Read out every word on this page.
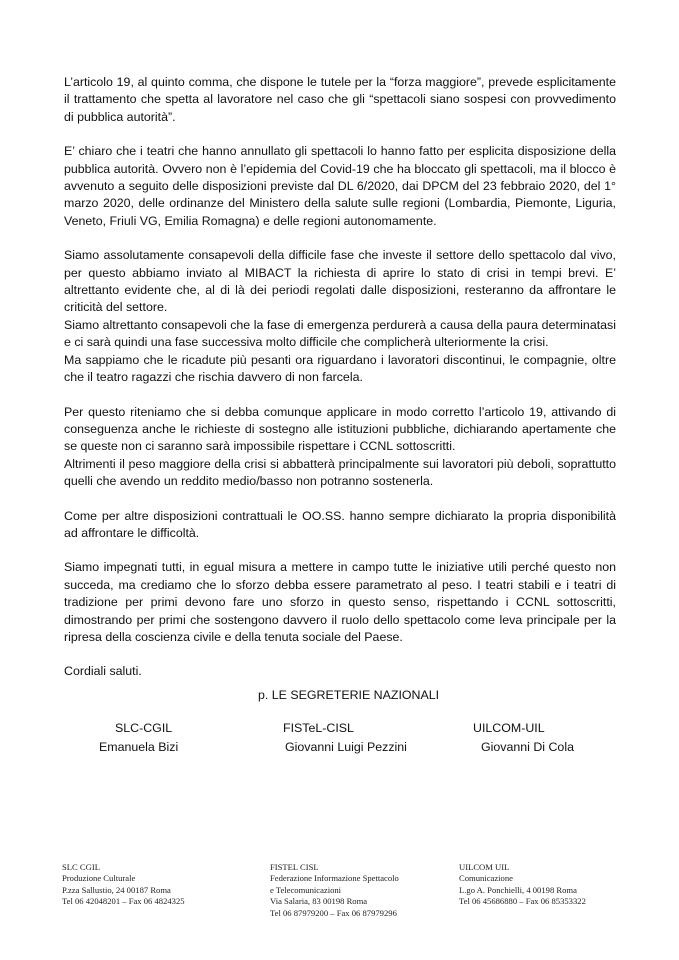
L’articolo 19, al quinto comma, che dispone le tutele per la “forza maggiore”, prevede esplicitamente il trattamento che spetta al lavoratore nel caso che gli “spettacoli siano sospesi con provvedimento di pubblica autorità”.

E’ chiaro che i teatri che hanno annullato gli spettacoli lo hanno fatto per esplicita disposizione della pubblica autorità. Ovvero non è l’epidemia del Covid-19 che ha bloccato gli spettacoli, ma il blocco è avvenuto a seguito delle disposizioni previste dal DL 6/2020, dai DPCM del 23 febbraio 2020, del 1° marzo 2020, delle ordinanze del Ministero della salute sulle regioni (Lombardia, Piemonte, Liguria, Veneto, Friuli VG, Emilia Romagna) e delle regioni autonomamente.

Siamo assolutamente consapevoli della difficile fase che investe il settore dello spettacolo dal vivo, per questo abbiamo inviato al MIBACT la richiesta di aprire lo stato di crisi in tempi brevi. E’ altrettanto evidente che, al di là dei periodi regolati dalle disposizioni, resteranno da affrontare le criticità del settore.

Siamo altrettanto consapevoli che la fase di emergenza perdurerà a causa della paura determinatasi e ci sarà quindi una fase successiva molto difficile che complicherà ulteriormente la crisi.

Ma sappiamo che le ricadute più pesanti ora riguardano i lavoratori discontinui, le compagnie, oltre che il teatro ragazzi che rischia davvero di non farcela.

Per questo riteniamo che si debba comunque applicare in modo corretto l’articolo 19, attivando di conseguenza anche le richieste di sostegno alle istituzioni pubbliche, dichiarando apertamente che se queste non ci saranno sarà impossibile rispettare i CCNL sottoscritti.

Altrimenti il peso maggiore della crisi si abbatterà principalmente sui lavoratori più deboli, soprattutto quelli che avendo un reddito medio/basso non potranno sostenerla.

Come per altre disposizioni contrattuali le OO.SS. hanno sempre dichiarato la propria disponibilità ad affrontare le difficoltà.

Siamo impegnati tutti, in egual misura a mettere in campo tutte le iniziative utili perché questo non succeda, ma crediamo che lo sforzo debba essere parametrato al peso. I teatri stabili e i teatri di tradizione per primi devono fare uno sforzo in questo senso, rispettando i CCNL sottoscritti, dimostrando per primi che sostengono davvero il ruolo dello spettacolo come leva principale per la ripresa della coscienza civile e della tenuta sociale del Paese.

Cordiali saluti.

p. LE SEGRETERIE NAZIONALI
SLC-CGIL
Emanuela Bizi
FISTeL-CISL
Giovanni Luigi Pezzini
UILCOM-UIL
Giovanni Di Cola
SLC CGIL
Produzione Culturale
P.zza Sallustio, 24 00187 Roma
Tel 06 42048201 – Fax 06 4824325
FISTEL CISL
Federazione Informazione Spettacolo
e Telecomunicazioni
Via Salaria, 83 00198 Roma
Tel 06 87979200 – Fax 06 87979296
UILCOM UIL
Comunicazione
L.go A. Ponchielli, 4 00198 Roma
Tel 06 45686880 – Fax 06 85353322
